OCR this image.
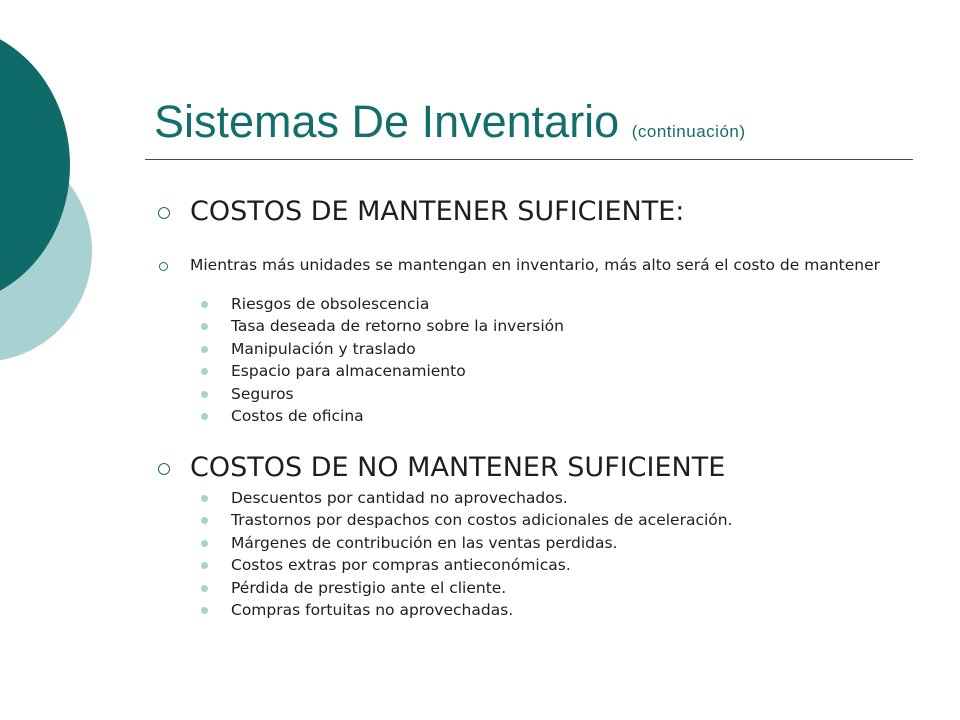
Sistemas De Inventario (continuación)
COSTOS DE MANTENER SUFICIENTE:
Mientras más unidades se mantengan en inventario, más alto será el costo de mantener
Riesgos de obsolescencia
Tasa deseada de retorno sobre la inversión
Manipulación y traslado
Espacio para almacenamiento
Seguros
Costos de oficina
COSTOS DE NO MANTENER SUFICIENTE
Descuentos por cantidad no aprovechados.
Trastornos por despachos con costos adicionales de aceleración.
Márgenes de contribución en las ventas perdidas.
Costos extras por compras antieconómicas.
Pérdida de prestigio ante el cliente.
Compras fortuitas no aprovechadas.
